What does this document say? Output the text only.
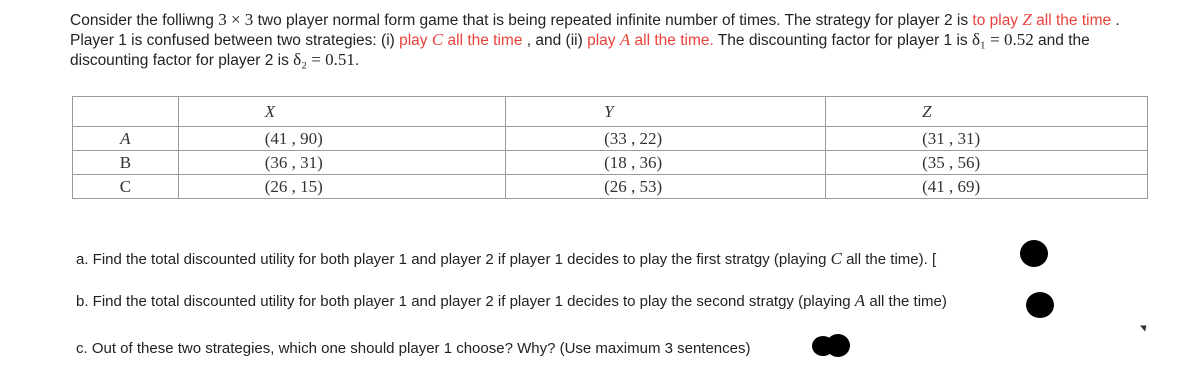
Consider the folliwng 3 × 3 two player normal form game that is being repeated infinite number of times. The strategy for player 2 is to play Z all the time . Player 1 is confused between two strategies: (i) play C all the time , and (ii) play A all the time. The discounting factor for player 1 is δ₁ = 0.52 and the discounting factor for player 2 is δ₂ = 0.51.
	X	Y	Z
A	(41 , 90)	(33 , 22)	(31 , 31)
B	(36 , 31)	(18 , 36)	(35 , 56)
C	(26 , 15)	(26 , 53)	(41 , 69)
a. Find the total discounted utility for both player 1 and player 2 if player 1 decides to play the first stratgy (playing C all the time). [
b. Find the total discounted utility for both player 1 and player 2 if player 1 decides to play the second stratgy (playing A all the time)
c. Out of these two strategies, which one should player 1 choose? Why? (Use maximum 3 sentences)
